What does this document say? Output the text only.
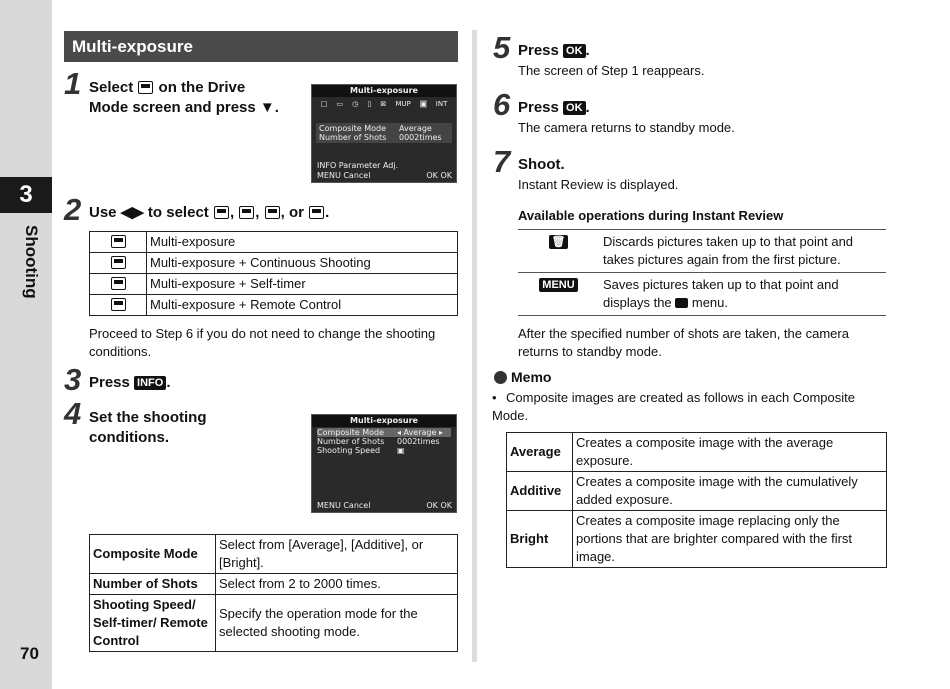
3
Shooting
70
Multi-exposure
1 Select  on the Drive
Mode screen and press ▼.
Multi-exposure
□ ▭ ◷ ▯ ⊠ MUP ▣ INT
Composite Mode	Average
Number of Shots	0002times
INFO Parameter Adj.
MENU Cancel	OK OK
2 Use ◀▶ to select , , , or .
	Multi-exposure
	Multi-exposure + Continuous Shooting
	Multi-exposure + Self-timer
	Multi-exposure + Remote Control
Proceed to Step 6 if you do not need to change the shooting conditions.
3 Press INFO .
4 Set the shooting
conditions.
Multi-exposure
Composite Mode	◂ Average ▸
Number of Shots	0002times
Shooting Speed	▣
MENU Cancel	OK OK
Composite Mode	Select from [Average], [Additive], or [Bright].
Number of Shots	Select from 2 to 2000 times.
Shooting Speed/ Self-timer/ Remote Control	Specify the operation mode for the selected shooting mode.
5 Press OK .
The screen of Step 1 reappears.
6 Press OK .
The camera returns to standby mode.
7 Shoot.
Instant Review is displayed.
Available operations during Instant Review
🗑	Discards pictures taken up to that point and takes pictures again from the first picture.
MENU	Saves pictures taken up to that point and displays the  menu.
After the specified number of shots are taken, the camera returns to standby mode.
Memo
• Composite images are created as follows in each Composite Mode.
Average	Creates a composite image with the average exposure.
Additive	Creates a composite image with the cumulatively added exposure.
Bright	Creates a composite image replacing only the portions that are brighter compared with the first image.
